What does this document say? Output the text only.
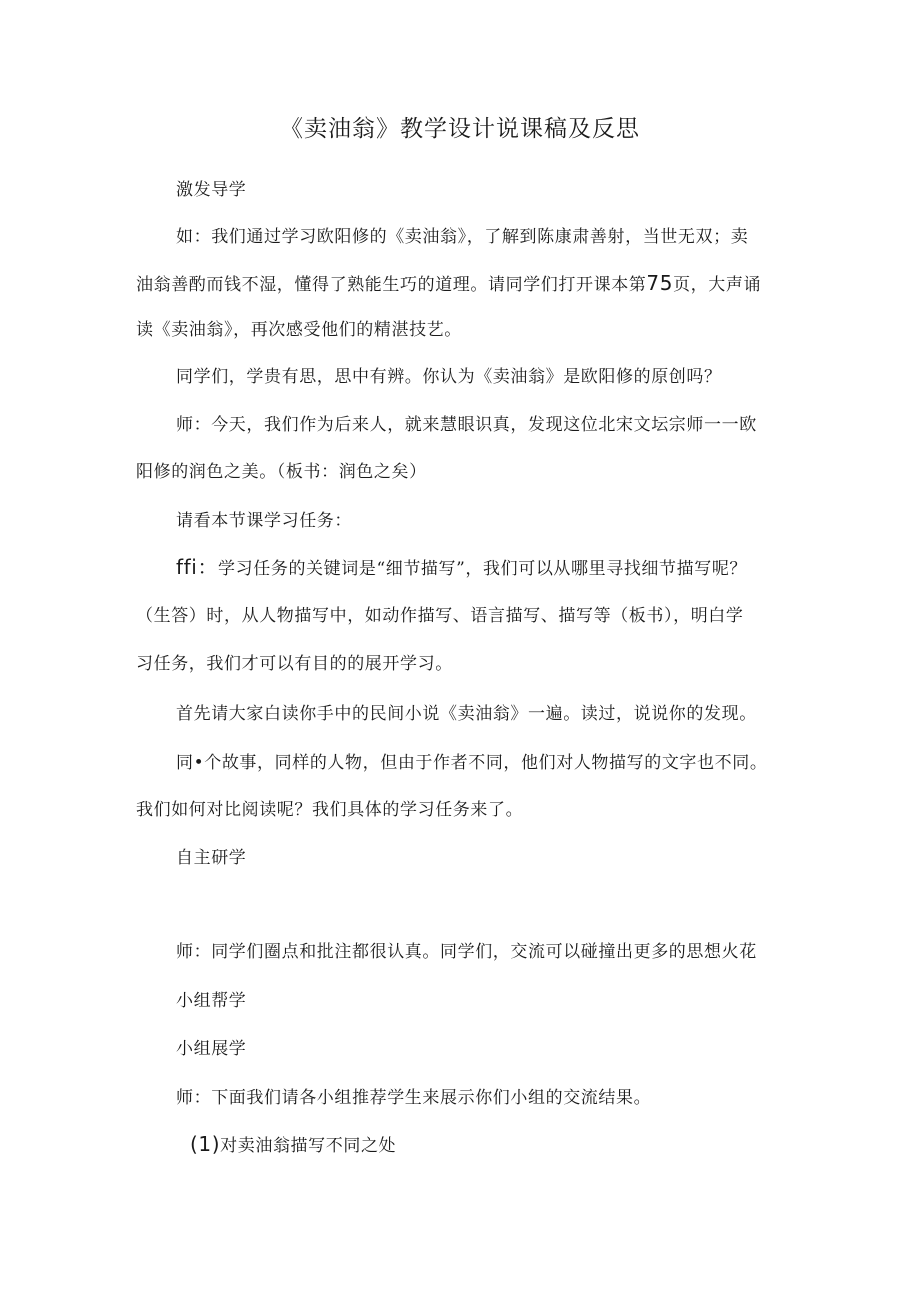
《卖油翁》教学设计说课稿及反思
激发导学
如：我们通过学习欧阳修的《卖油翁》，了解到陈康肃善射，当世无双；卖
油翁善酌而钱不湿，懂得了熟能生巧的道理。请同学们打开课本第75页，大声诵
读《卖油翁》，再次感受他们的精湛技艺。
同学们，学贵有思，思中有辨。你认为《卖油翁》是欧阳修的原创吗？
师：今天，我们作为后来人，就来慧眼识真，发现这位北宋文坛宗师一一欧
阳修的润色之美。（板书：润色之矣）
请看本节课学习任务：
ffi：学习任务的关键词是“细节描写”，我们可以从哪里寻找细节描写呢？
（生答）时，从人物描写中，如动作描写、语言描写、描写等（板书），明白学
习任务，我们才可以有目的的展开学习。
首先请大家白读你手中的民间小说《卖油翁》一遍。读过，说说你的发现。
同•个故事，同样的人物，但由于作者不同，他们对人物描写的文字也不同。
我们如何对比阅读呢？我们具体的学习任务来了。
自主研学
师：同学们圈点和批注都很认真。同学们，交流可以碰撞出更多的思想火花
小组帮学
小组展学
师：下面我们请各小组推荐学生来展示你们小组的交流结果。
(1)对卖油翁描写不同之处
